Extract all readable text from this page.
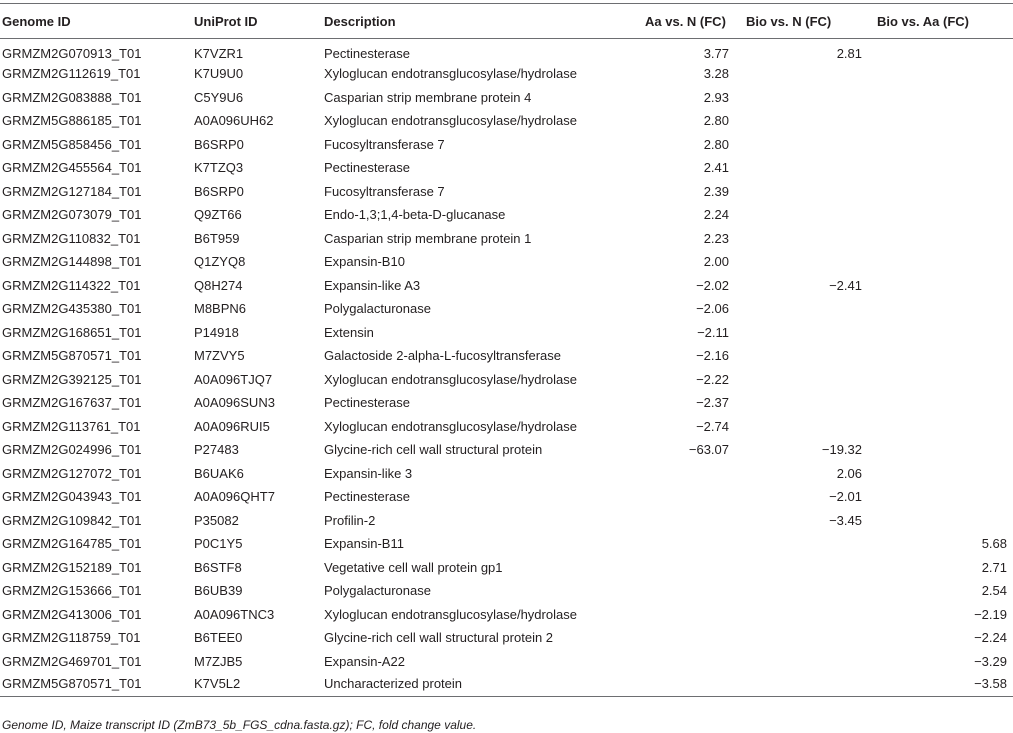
Genome ID	UniProt ID	Description	Aa vs. N (FC)	Bio vs. N (FC)	Bio vs. Aa (FC)
GRMZM2G070913_T01	K7VZR1	Pectinesterase	3.77	2.81	
GRMZM2G112619_T01	K7U9U0	Xyloglucan endotransglucosylase/hydrolase	3.28		
GRMZM2G083888_T01	C5Y9U6	Casparian strip membrane protein 4	2.93		
GRMZM5G886185_T01	A0A096UH62	Xyloglucan endotransglucosylase/hydrolase	2.80		
GRMZM5G858456_T01	B6SRP0	Fucosyltransferase 7	2.80		
GRMZM2G455564_T01	K7TZQ3	Pectinesterase	2.41		
GRMZM2G127184_T01	B6SRP0	Fucosyltransferase 7	2.39		
GRMZM2G073079_T01	Q9ZT66	Endo-1,3;1,4-beta-D-glucanase	2.24		
GRMZM2G110832_T01	B6T959	Casparian strip membrane protein 1	2.23		
GRMZM2G144898_T01	Q1ZYQ8	Expansin-B10	2.00		
GRMZM2G114322_T01	Q8H274	Expansin-like A3	−2.02	−2.41	
GRMZM2G435380_T01	M8BPN6	Polygalacturonase	−2.06		
GRMZM2G168651_T01	P14918	Extensin	−2.11		
GRMZM5G870571_T01	M7ZVY5	Galactoside 2-alpha-L-fucosyltransferase	−2.16		
GRMZM2G392125_T01	A0A096TJQ7	Xyloglucan endotransglucosylase/hydrolase	−2.22		
GRMZM2G167637_T01	A0A096SUN3	Pectinesterase	−2.37		
GRMZM2G113761_T01	A0A096RUI5	Xyloglucan endotransglucosylase/hydrolase	−2.74		
GRMZM2G024996_T01	P27483	Glycine-rich cell wall structural protein	−63.07	−19.32	
GRMZM2G127072_T01	B6UAK6	Expansin-like 3		2.06	
GRMZM2G043943_T01	A0A096QHT7	Pectinesterase		−2.01	
GRMZM2G109842_T01	P35082	Profilin-2		−3.45	
GRMZM2G164785_T01	P0C1Y5	Expansin-B11			5.68
GRMZM2G152189_T01	B6STF8	Vegetative cell wall protein gp1			2.71
GRMZM2G153666_T01	B6UB39	Polygalacturonase			2.54
GRMZM2G413006_T01	A0A096TNC3	Xyloglucan endotransglucosylase/hydrolase			−2.19
GRMZM2G118759_T01	B6TEE0	Glycine-rich cell wall structural protein 2			−2.24
GRMZM2G469701_T01	M7ZJB5	Expansin-A22			−3.29
GRMZM5G870571_T01	K7V5L2	Uncharacterized protein			−3.58
Genome ID, Maize transcript ID (ZmB73_5b_FGS_cdna.fasta.gz); FC, fold change value.
